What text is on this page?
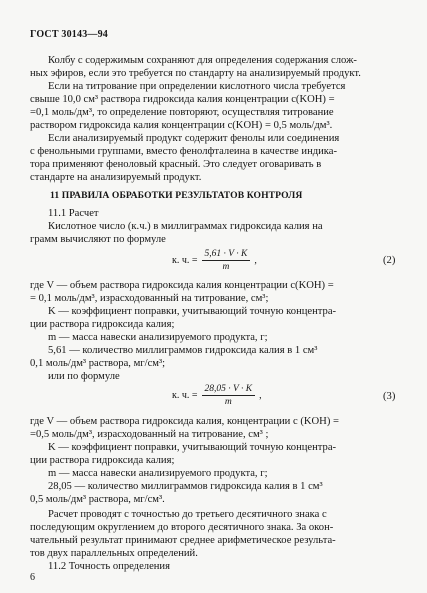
ГОСТ 30143—94
Колбу с содержимым сохраняют для определения содержания слож-
ных эфиров, если это требуется по стандарту на анализируемый продукт.
Если на титрование при определении кислотного числа требуется
свыше 10,0 см³ раствора гидроксида калия концентрации c(KOH) =
=0,1 моль/дм³, то определение повторяют, осуществляя титрование
раствором гидроксида калия концентрации c(KOH) = 0,5 моль/дм³.
Если анализируемый продукт содержит фенолы или соединения
с фенольными группами, вместо фенолфталеина в качестве индика-
тора применяют феноловый красный. Это следует оговаривать в
стандарте на анализируемый продукт.
11 ПРАВИЛА ОБРАБОТКИ РЕЗУЛЬТАТОВ КОНТРОЛЯ
11.1 Расчет
Кислотное число (к.ч.) в миллиграммах гидроксида калия на
грамм вычисляют по формуле
к. ч. = $\frac{5,61 \cdot V \cdot K}{m}$ ,	(2)
где V — объем раствора гидроксида калия концентрации c(KOH) =
= 0,1 моль/дм³, израсходованный на титрование, см³;
K — коэффициент поправки, учитывающий точную концентра-
ции раствора гидроксида калия;
m — масса навески анализируемого продукта, г;
5,61 — количество миллиграммов гидроксида калия в 1 см³
0,1 моль/дм³ раствора, мг/см³;
или по формуле
к. ч. = $\frac{28,05 \cdot V \cdot K}{m}$ ,	(3)
где V — объем раствора гидроксида калия, концентрации c (KOH) =
=0,5 моль/дм³, израсходованный на титрование, см³ ;
K — коэффициент поправки, учитывающий точную концентра-
ции раствора гидроксида калия;
m — масса навески анализируемого продукта, г;
28,05 — количество миллиграммов гидроксида калия в 1 см³
0,5 моль/дм³ раствора, мг/см³.
Расчет проводят с точностью до третьего десятичного знака с
последующим округлением до второго десятичного знака. За окон-
чательный результат принимают среднее арифметическое результа-
тов двух параллельных определений.
11.2 Точность определения
6
